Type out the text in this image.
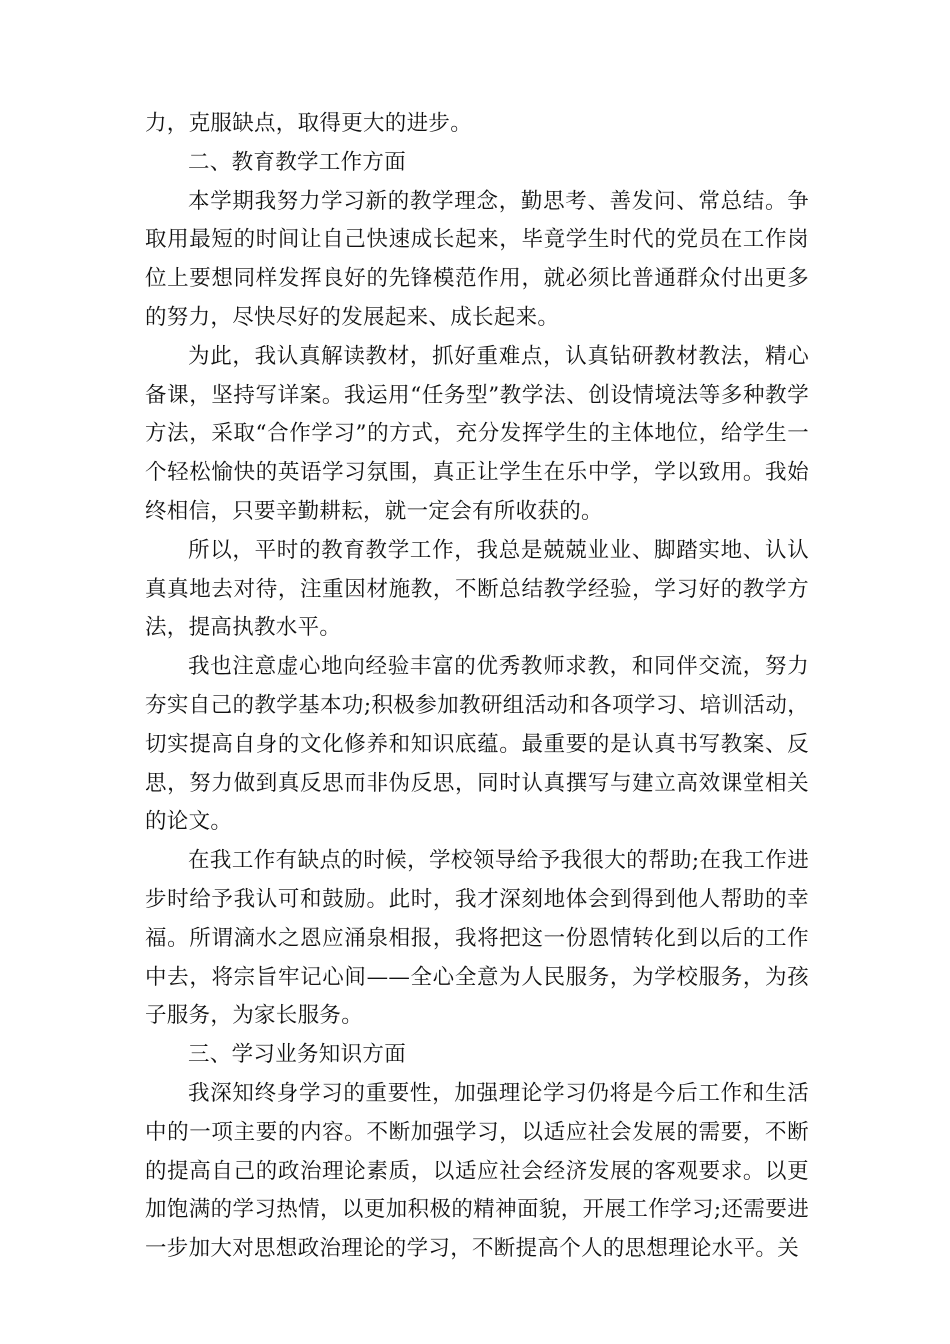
力，克服缺点，取得更大的进步。

二、教育教学工作方面

本学期我努力学习新的教学理念，勤思考、善发问、常总结。争取用最短的时间让自己快速成长起来，毕竟学生时代的党员在工作岗位上要想同样发挥良好的先锋模范作用，就必须比普通群众付出更多的努力，尽快尽好的发展起来、成长起来。

为此，我认真解读教材，抓好重难点，认真钻研教材教法，精心备课，坚持写详案。我运用“任务型”教学法、创设情境法等多种教学方法，采取“合作学习”的方式，充分发挥学生的主体地位，给学生一个轻松愉快的英语学习氛围，真正让学生在乐中学，学以致用。我始终相信，只要辛勤耕耘，就一定会有所收获的。

所以，平时的教育教学工作，我总是兢兢业业、脚踏实地、认认真真地去对待，注重因材施教，不断总结教学经验，学习好的教学方法，提高执教水平。

我也注意虚心地向经验丰富的优秀教师求教，和同伴交流，努力夯实自己的教学基本功;积极参加教研组活动和各项学习、培训活动，切实提高自身的文化修养和知识底蕴。最重要的是认真书写教案、反思，努力做到真反思而非伪反思，同时认真撰写与建立高效课堂相关的论文。

在我工作有缺点的时候，学校领导给予我很大的帮助;在我工作进步时给予我认可和鼓励。此时，我才深刻地体会到得到他人帮助的幸福。所谓滴水之恩应涌泉相报，我将把这一份恩情转化到以后的工作中去，将宗旨牢记心间——全心全意为人民服务，为学校服务，为孩子服务，为家长服务。

三、学习业务知识方面

我深知终身学习的重要性，加强理论学习仍将是今后工作和生活中的一项主要的内容。不断加强学习，以适应社会发展的需要，不断的提高自己的政治理论素质，以适应社会经济发展的客观要求。以更加饱满的学习热情，以更加积极的精神面貌，开展工作学习;还需要进一步加大对思想政治理论的学习，不断提高个人的思想理论水平。关
